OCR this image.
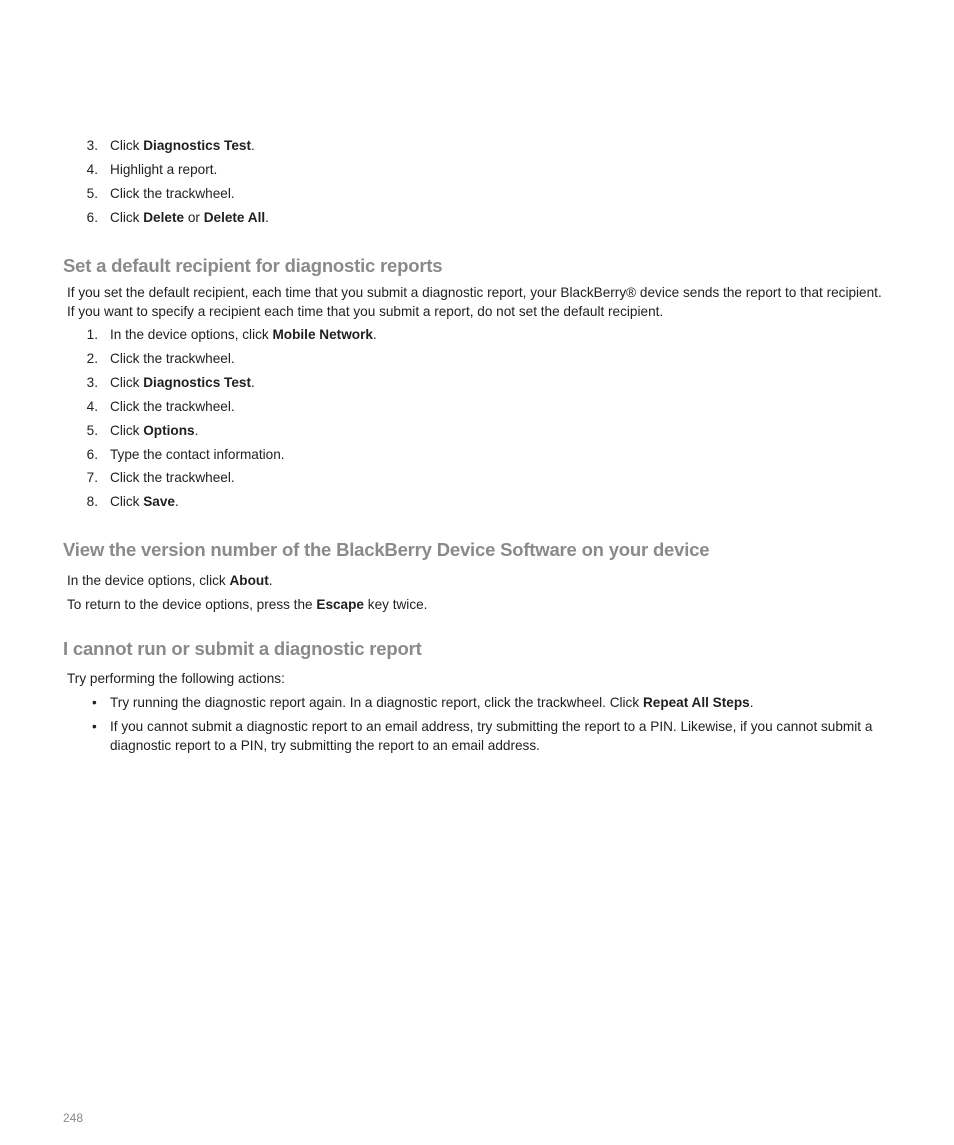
3. Click Diagnostics Test.
4. Highlight a report.
5. Click the trackwheel.
6. Click Delete or Delete All.
Set a default recipient for diagnostic reports

If you set the default recipient, each time that you submit a diagnostic report, your BlackBerry® device sends the report to that recipient.

If you want to specify a recipient each time that you submit a report, do not set the default recipient.

1. In the device options, click Mobile Network.
2. Click the trackwheel.
3. Click Diagnostics Test.
4. Click the trackwheel.
5. Click Options.
6. Type the contact information.
7. Click the trackwheel.
8. Click Save.
View the version number of the BlackBerry Device Software on your device

In the device options, click About.

To return to the device options, press the Escape key twice.

I cannot run or submit a diagnostic report

Try performing the following actions:

• Try running the diagnostic report again. In a diagnostic report, click the trackwheel. Click Repeat All Steps.
• If you cannot submit a diagnostic report to an email address, try submitting the report to a PIN. Likewise, if you cannot submit a diagnostic report to a PIN, try submitting the report to an email address.
248
